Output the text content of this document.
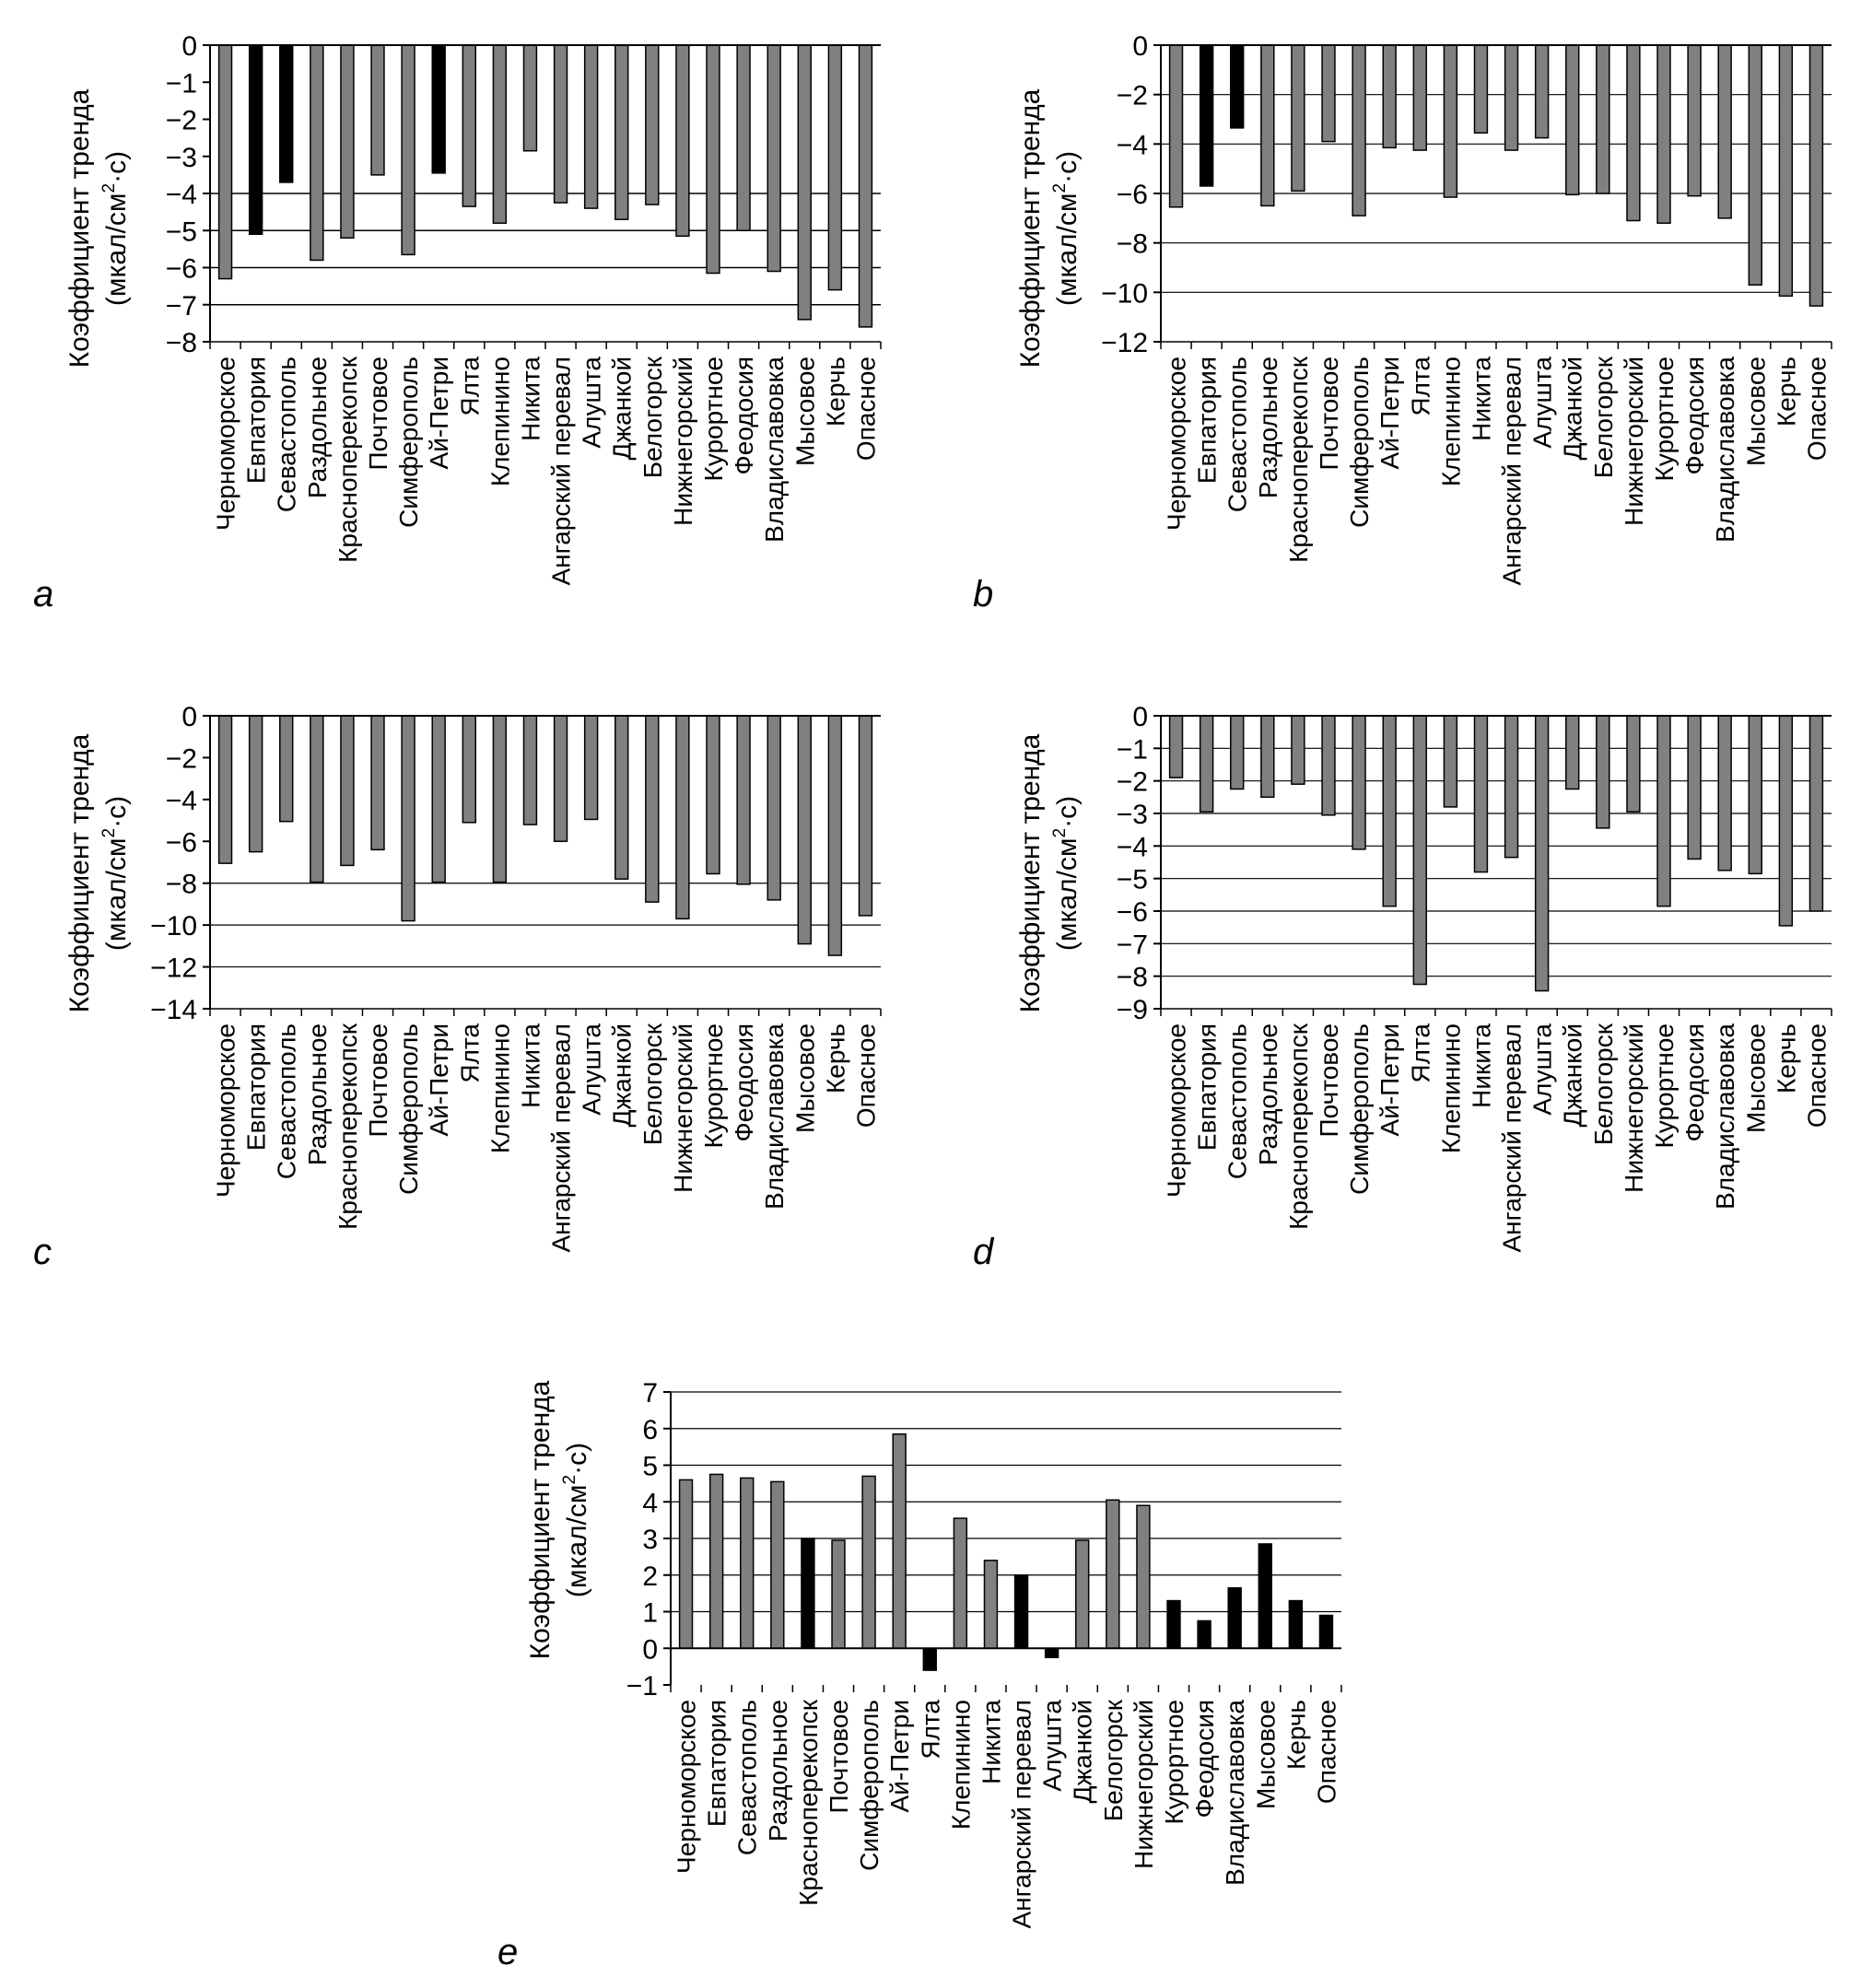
Коэффициент тренда $(мкал/см^2\cdot с)$
0
−1
−2
−3
−4
−5
−6
−7
−8
Черноморское Евпатория Севастополь Раздольное Красноперекопск Почтовое Симферополь Ай-Петри Ялта Клепинино Никита Ангарский перевал Алушта Джанкой Белогорск Нижнегорский Курортное Феодосия Владиславовка Мысовое Керчь Опасное
a
Коэффициент тренда $(мкал/см^2\cdot с)$
0
−2
−4
−6
−8
−10
−12
Черноморское Евпатория Севастополь Раздольное Красноперекопск Почтовое Симферополь Ай-Петри Ялта Клепинино Никита Ангарский перевал Алушта Джанкой Белогорск Нижнегорский Курортное Феодосия Владиславовка Мысовое Керчь Опасное
b
Коэффициент тренда $(мкал/см^2\cdot с)$
0
−2
−4
−6
−8
−10
−12
−14
Черноморское Евпатория Севастополь Раздольное Красноперекопск Почтовое Симферополь Ай-Петри Ялта Клепинино Никита Ангарский перевал Алушта Джанкой Белогорск Нижнегорский Курортное Феодосия Владиславовка Мысовое Керчь Опасное
c
Коэффициент тренда $(мкал/см^2\cdot с)$
0
−1
−2
−3
−4
−5
−6
−7
−8
−9
Черноморское Евпатория Севастополь Раздольное Красноперекопск Почтовое Симферополь Ай-Петри Ялта Клепинино Никита Ангарский перевал Алушта Джанкой Белогорск Нижнегорский Курортное Феодосия Владиславовка Мысовое Керчь Опасное
d
Коэффициент тренда $(мкал/см^2\cdot с)$
7
6
5
4
3
2
1
0
−1
Черноморское Евпатория Севастополь Раздольное Красноперекопск Почтовое Симферополь Ай-Петри Ялта Клепинино Никита Ангарский перевал Алушта Джанкой Белогорск Нижнегорский Курортное Феодосия Владиславовка Мысовое Керчь Опасное
e
